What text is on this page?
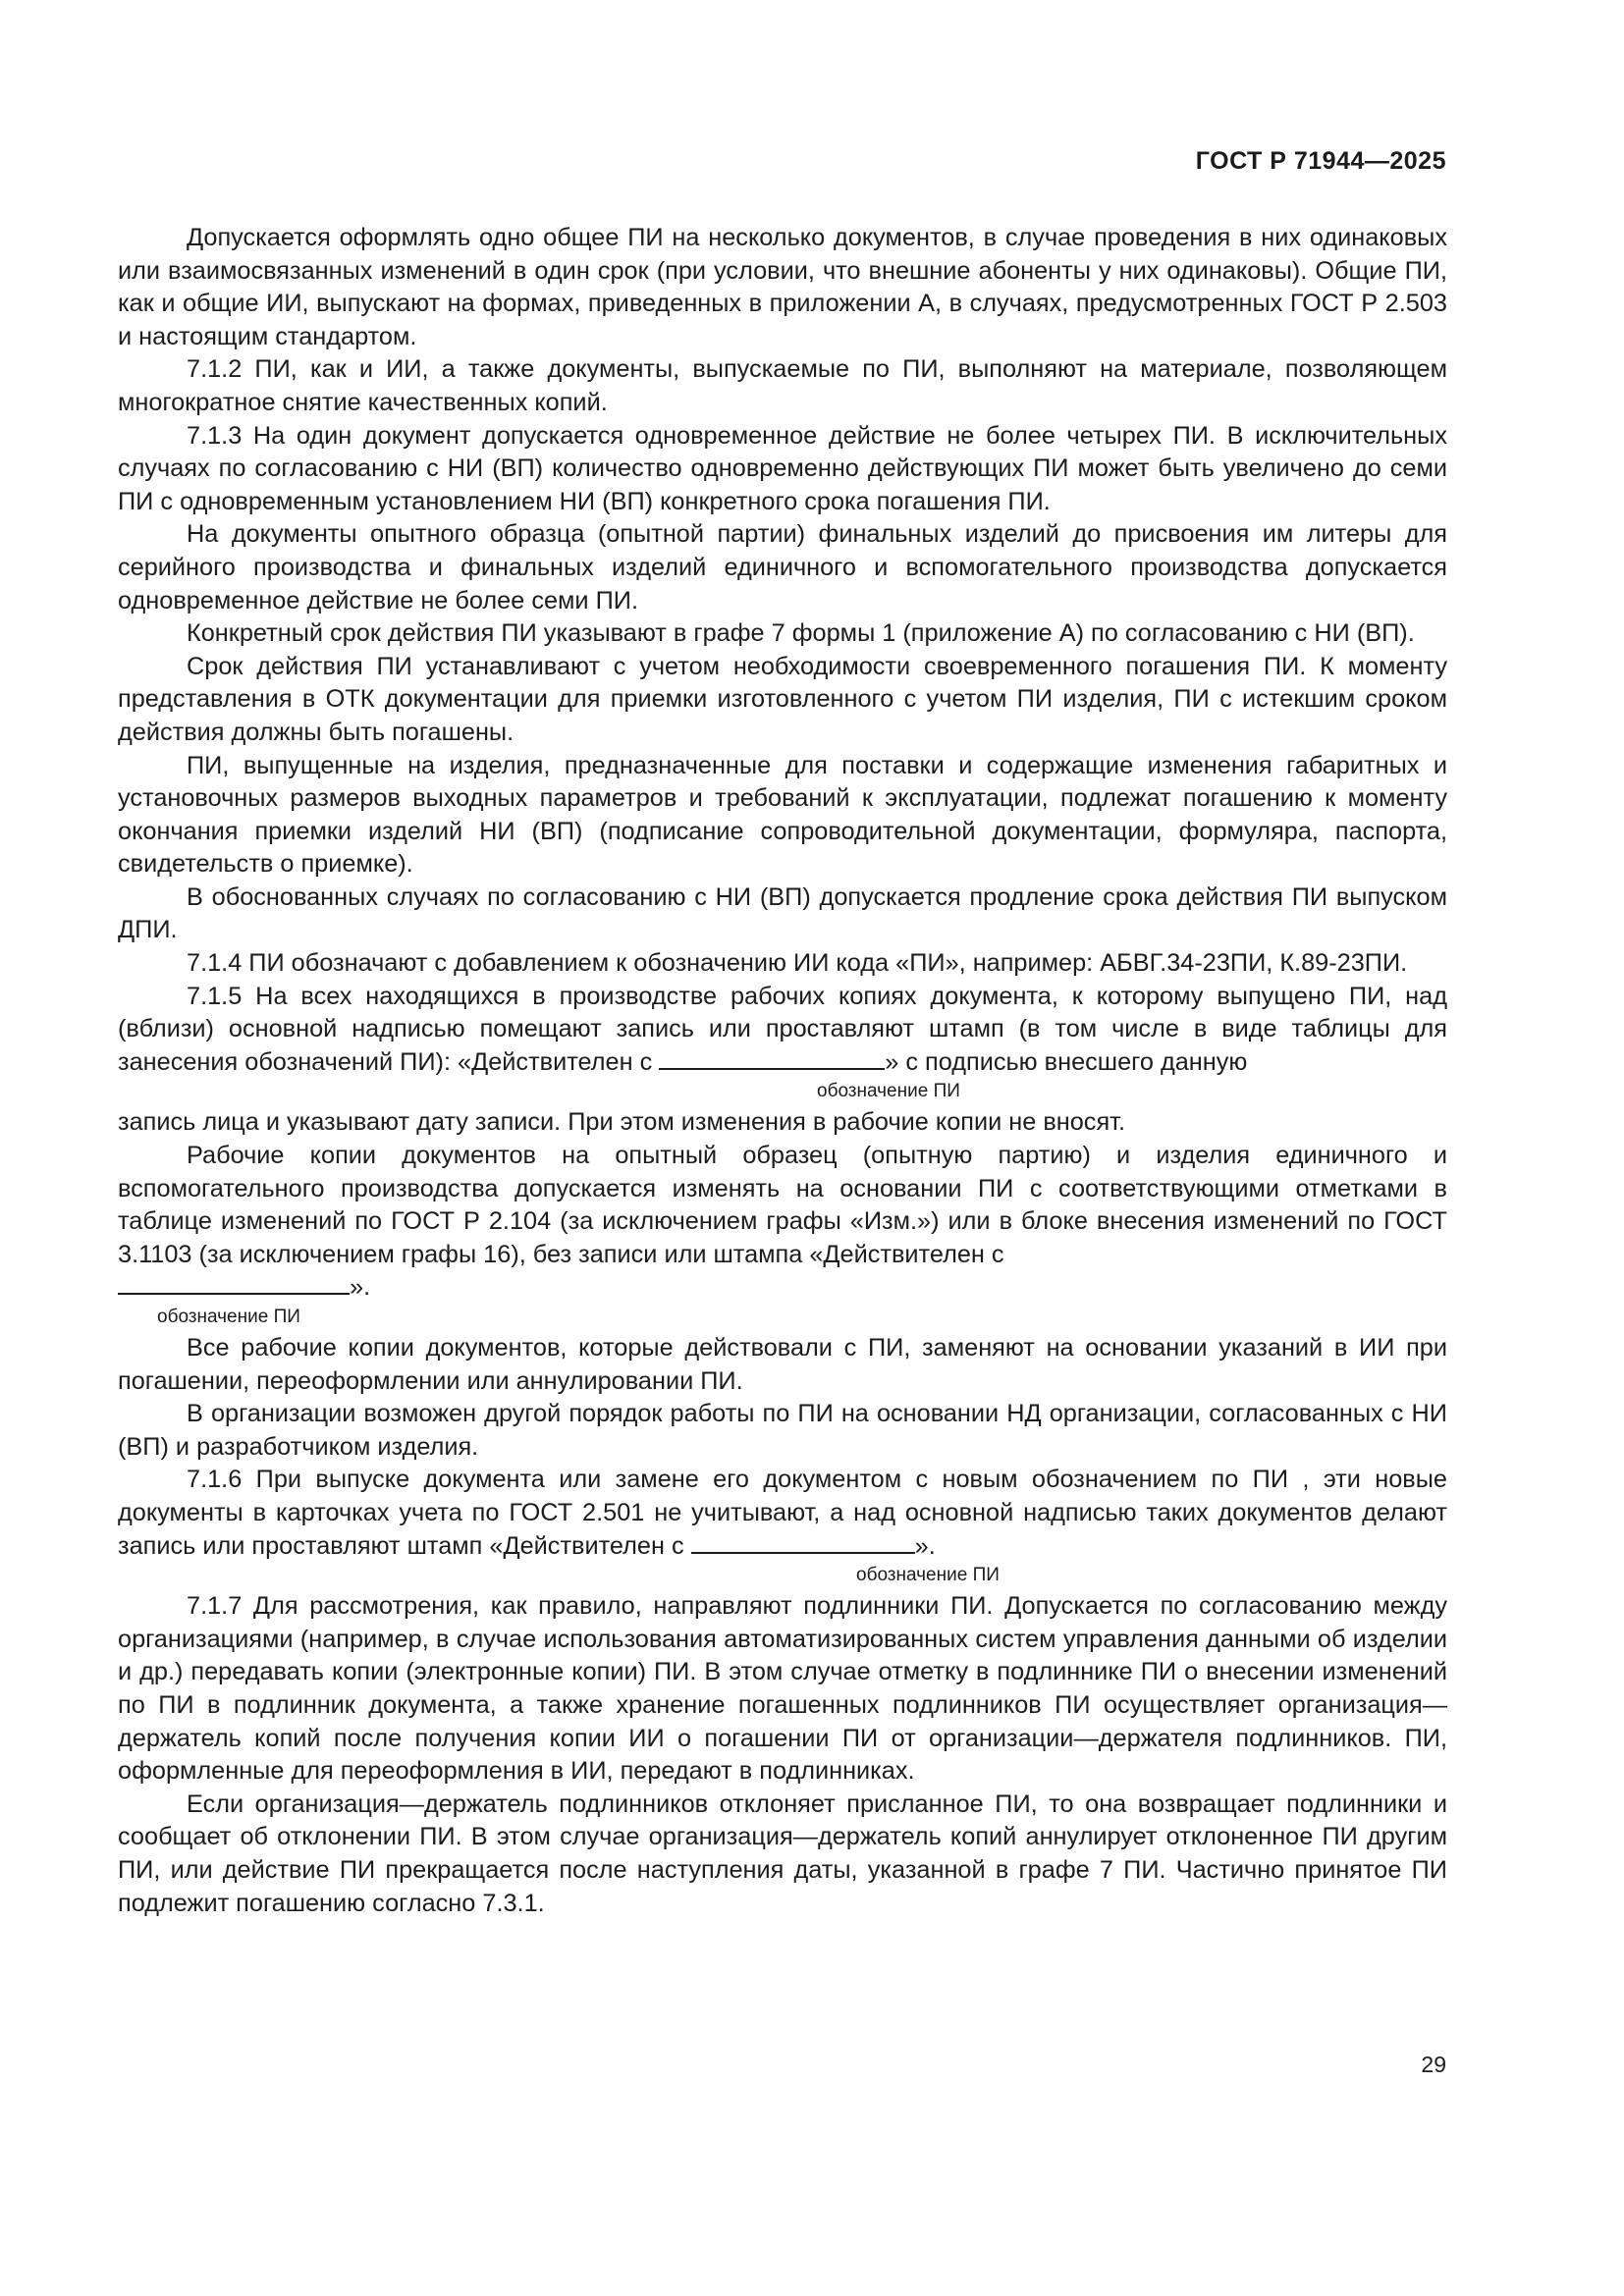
ГОСТ Р 71944—2025

Допускается оформлять одно общее ПИ на несколько документов, в случае проведения в них одинаковых или взаимосвязанных изменений в один срок (при условии, что внешние абоненты у них одинаковы). Общие ПИ, как и общие ИИ, выпускают на формах, приведенных в приложении А, в случаях, предусмотренных ГОСТ Р 2.503 и настоящим стандартом.

7.1.2 ПИ, как и ИИ, а также документы, выпускаемые по ПИ, выполняют на материале, позволяющем многократное снятие качественных копий.

7.1.3 На один документ допускается одновременное действие не более четырех ПИ. В исключительных случаях по согласованию с НИ (ВП) количество одновременно действующих ПИ может быть увеличено до семи ПИ с одновременным установлением НИ (ВП) конкретного срока погашения ПИ.

На документы опытного образца (опытной партии) финальных изделий до присвоения им литеры для серийного производства и финальных изделий единичного и вспомогательного производства допускается одновременное действие не более семи ПИ.

Конкретный срок действия ПИ указывают в графе 7 формы 1 (приложение А) по согласованию с НИ (ВП).

Срок действия ПИ устанавливают с учетом необходимости своевременного погашения ПИ. К моменту представления в ОТК документации для приемки изготовленного с учетом ПИ изделия, ПИ с истекшим сроком действия должны быть погашены.

ПИ, выпущенные на изделия, предназначенные для поставки и содержащие изменения габаритных и установочных размеров выходных параметров и требований к эксплуатации, подлежат погашению к моменту окончания приемки изделий НИ (ВП) (подписание сопроводительной документации, формуляра, паспорта, свидетельств о приемке).

В обоснованных случаях по согласованию с НИ (ВП) допускается продление срока действия ПИ выпуском ДПИ.

7.1.4 ПИ обозначают с добавлением к обозначению ИИ кода «ПИ», например: АБВГ.34-23ПИ, К.89-23ПИ.

7.1.5 На всех находящихся в производстве рабочих копиях документа, к которому выпущено ПИ, над (вблизи) основной надписью помещают запись или проставляют штамп (в том числе в виде таблицы для занесения обозначений ПИ): «Действителен с	» с подписью внесшего данную

обозначение ПИ

запись лица и указывают дату записи. При этом изменения в рабочие копии не вносят.

Рабочие копии документов на опытный образец (опытную партию) и изделия единичного и вспомогательного производства допускается изменять на основании ПИ с соответствующими отметками в таблице изменений по ГОСТ Р 2.104 (за исключением графы «Изм.») или в блоке внесения изменений по ГОСТ 3.1103 (за исключением графы 16), без записи или штампа «Действителен с
».

обозначение ПИ

Все рабочие копии документов, которые действовали с ПИ, заменяют на основании указаний в ИИ при погашении, переоформлении или аннулировании ПИ.

В организации возможен другой порядок работы по ПИ на основании НД организации, согласованных с НИ (ВП) и разработчиком изделия.

7.1.6 При выпуске документа или замене его документом с новым обозначением по ПИ , эти новые документы в карточках учета по ГОСТ 2.501 не учитывают, а над основной надписью таких документов делают запись или проставляют штамп «Действителен с	».

обозначение ПИ

7.1.7 Для рассмотрения, как правило, направляют подлинники ПИ. Допускается по согласованию между организациями (например, в случае использования автоматизированных систем управления данными об изделии и др.) передавать копии (электронные копии) ПИ. В этом случае отметку в подлиннике ПИ о внесении изменений по ПИ в подлинник документа, а также хранение погашенных подлинников ПИ осуществляет организация—держатель копий после получения копии ИИ о погашении ПИ от организации—держателя подлинников. ПИ, оформленные для переоформления в ИИ, передают в подлинниках.

Если организация—держатель подлинников отклоняет присланное ПИ, то она возвращает подлинники и сообщает об отклонении ПИ. В этом случае организация—держатель копий аннулирует отклоненное ПИ другим ПИ, или действие ПИ прекращается после наступления даты, указанной в графе 7 ПИ. Частично принятое ПИ подлежит погашению согласно 7.3.1.

29
